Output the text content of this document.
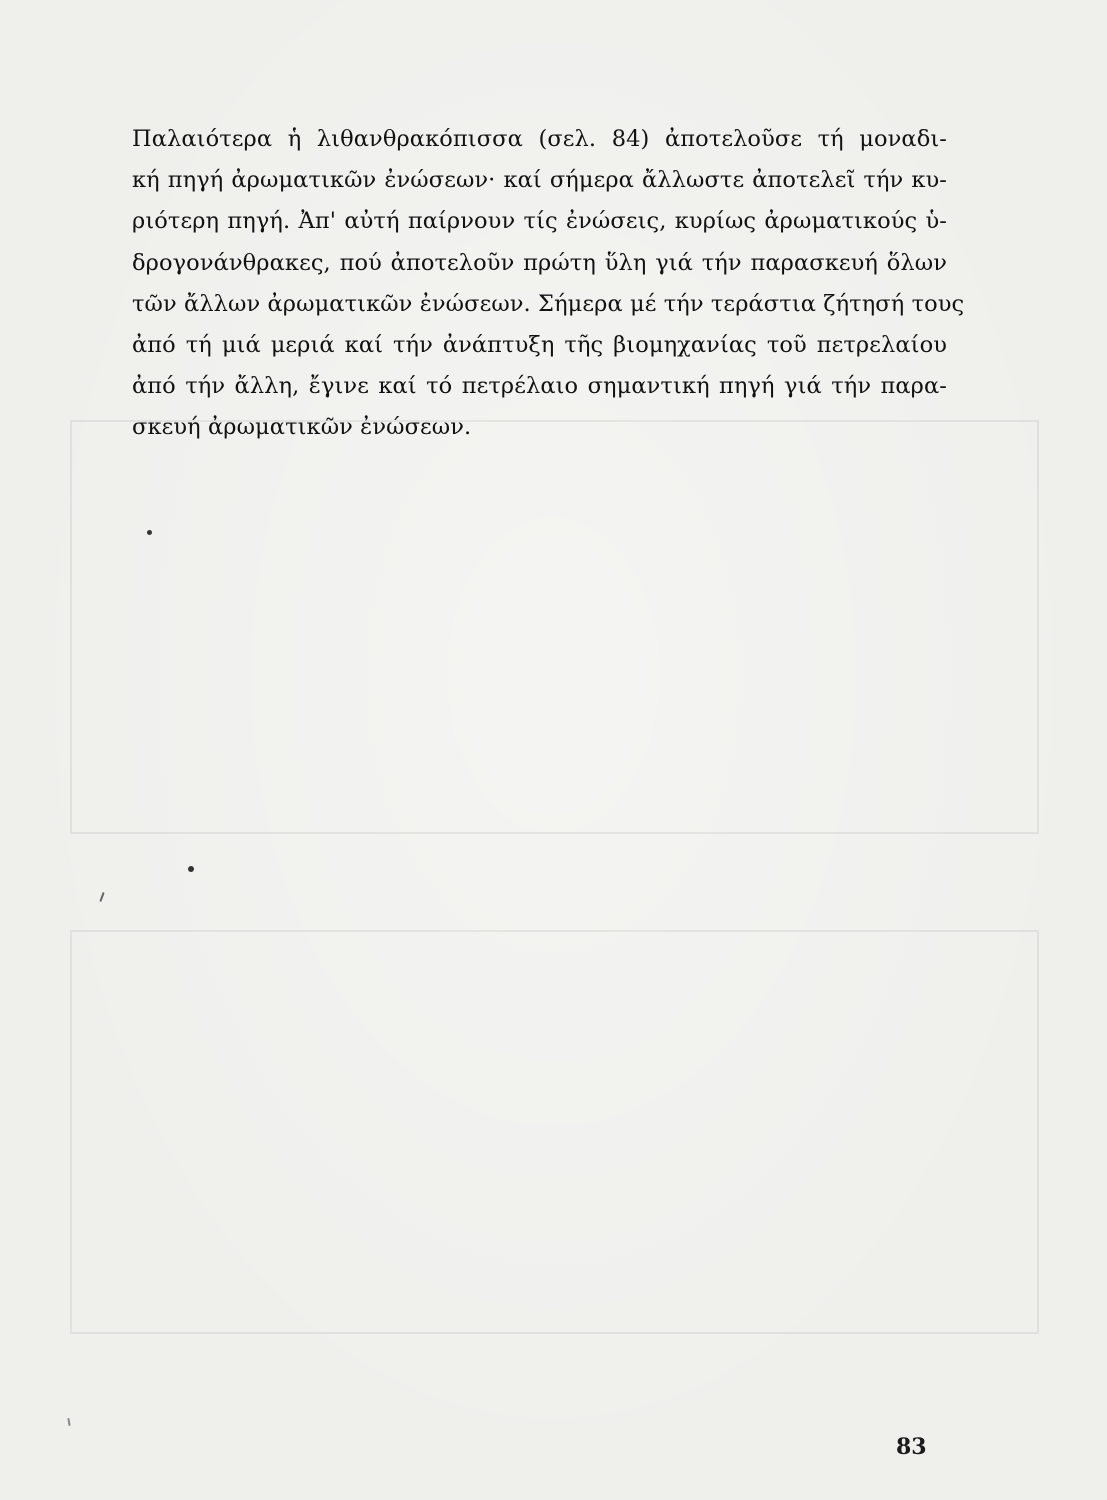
Παλαιότερα ἡ λιθανθρακόπισσα (σελ. 84) ἀποτελοῦσε τή μοναδι-
κή πηγή ἀρωματικῶν ἐνώσεων· καί σήμερα ἄλλωστε ἀποτελεῖ τήν κυ-
ριότερη πηγή. Ἀπ' αὐτή παίρνουν τίς ἐνώσεις, κυρίως ἀρωματικούς ὑ-
δρογονάνθρακες, πού ἀποτελοῦν πρώτη ὕλη γιά τήν παρασκευή ὅλων
τῶν ἄλλων ἀρωματικῶν ἐνώσεων. Σήμερα μέ τήν τεράστια ζήτησή τους
ἀπό τή μιά μεριά καί τήν ἀνάπτυξη τῆς βιομηχανίας τοῦ πετρελαίου
ἀπό τήν ἄλλη, ἔγινε καί τό πετρέλαιο σημαντική πηγή γιά τήν παρα-
σκευή ἀρωματικῶν ἐνώσεων.
83
